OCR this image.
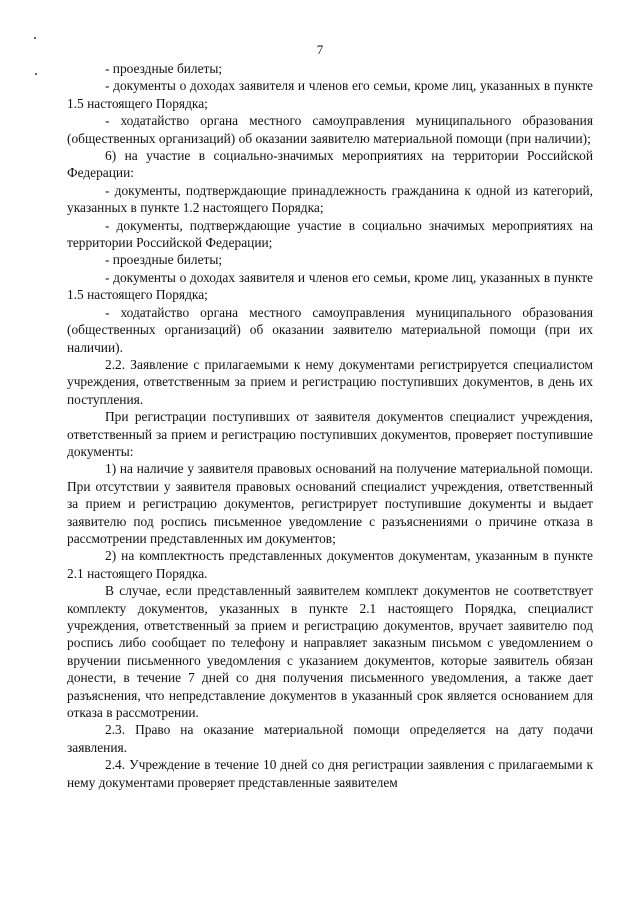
7

- проездные билеты;

- документы о доходах заявителя и членов его семьи, кроме лиц, указанных в пункте 1.5 настоящего Порядка;

- ходатайство органа местного самоуправления муниципального образования (общественных организаций) об оказании заявителю материальной помощи (при наличии);

6) на участие в социально-значимых мероприятиях на территории Российской Федерации:

- документы, подтверждающие принадлежность гражданина к одной из категорий, указанных в пункте 1.2 настоящего Порядка;

- документы, подтверждающие участие в социально значимых мероприятиях на территории Российской Федерации;

- проездные билеты;

- документы о доходах заявителя и членов его семьи, кроме лиц, указанных в пункте 1.5 настоящего Порядка;

- ходатайство органа местного самоуправления муниципального образования (общественных организаций) об оказании заявителю материальной помощи (при их наличии).

2.2. Заявление с прилагаемыми к нему документами регистрируется специалистом учреждения, ответственным за прием и регистрацию поступивших документов, в день их поступления.

При регистрации поступивших от заявителя документов специалист учреждения, ответственный за прием и регистрацию поступивших документов, проверяет поступившие документы:

1) на наличие у заявителя правовых оснований на получение материальной помощи. При отсутствии у заявителя правовых оснований специалист учреждения, ответственный за прием и регистрацию документов, регистрирует поступившие документы и выдает заявителю под роспись письменное уведомление с разъяснениями о причине отказа в рассмотрении представленных им документов;

2) на комплектность представленных документов документам, указанным в пункте 2.1 настоящего Порядка.

В случае, если представленный заявителем комплект документов не соответствует комплекту документов, указанных в пункте 2.1 настоящего Порядка, специалист учреждения, ответственный за прием и регистрацию документов, вручает заявителю под роспись либо сообщает по телефону и направляет заказным письмом с уведомлением о вручении письменного уведомления с указанием документов, которые заявитель обязан донести, в течение 7 дней со дня получения письменного уведомления, а также дает разъяснения, что непредставление документов в указанный срок является основанием для отказа в рассмотрении.

2.3. Право на оказание материальной помощи определяется на дату подачи заявления.

2.4. Учреждение в течение 10 дней со дня регистрации заявления с прилагаемыми к нему документами проверяет представленные заявителем
